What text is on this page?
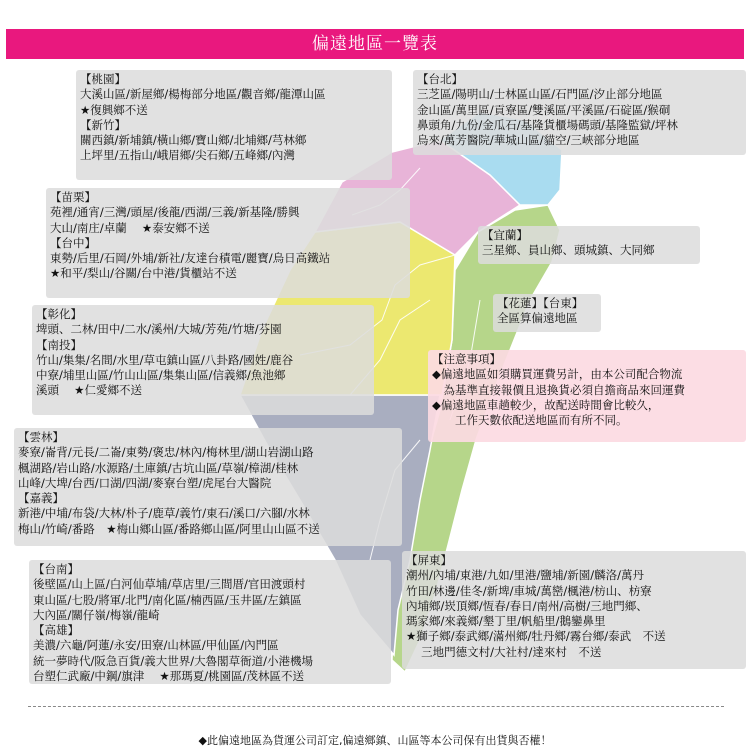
偏遠地區一覽表
【桃園】
大溪山區/新屋鄉/楊梅部分地區/觀音鄉/龍潭山區
★復興鄉不送
【新竹】
關西鎮/新埔鎮/橫山鄉/寶山鄉/北埔鄉/芎林鄉
上坪里/五指山/峨眉鄉/尖石鄉/五峰鄉/內灣
【台北】
三芝區/陽明山/士林區山區/石門區/汐止部分地區
金山區/萬里區/貢寮區/雙溪區/平溪區/石碇區/猴硐
鼻頭角/九份/金瓜石/基隆貨櫃場碼頭/基隆監獄/坪林
烏來/萬芳醫院/華城山區/貓空/三峽部分地區
【苗栗】
苑裡/通宵/三灣/頭屋/後龍/西湖/三義/新基隆/勝興
大山/南庄/卓蘭　 ★泰安鄉不送
【台中】
東勢/后里/石岡/外埔/新社/友達台積電/麗寶/烏日高鐵站
★和平/梨山/谷關/台中港/貨櫃站不送
【宜蘭】
三星鄉、員山鄉、頭城鎮、大同鄉
【花蓮】【台東】
全區算偏遠地區
【彰化】
埤頭、二林/田中/二水/溪州/大城/芳苑/竹塘/芬園
【南投】
竹山/集集/名間/水里/草屯鎮山區/八卦路/國姓/鹿谷
中寮/埔里山區/竹山山區/集集山區/信義鄉/魚池鄉
溪頭　 ★仁愛鄉不送
【注意事項】
◆偏遠地區如須購買運費另計，由本公司配合物流
　為基準直接報價且退換貨必須自擔商品來回運費
◆偏遠地區車趟較少，故配送時間會比較久，
　　工作天數依配送地區而有所不同。
【雲林】
麥寮/崙背/元長/二崙/東勢/褒忠/林內/梅林里/湖山岩湖山路
楓湖路/岩山路/水源路/土庫鎮/古坑山區/草嶺/樟湖/桂林
山峰/大埤/台西/口湖/四湖/麥寮台塑/虎尾台大醫院
【嘉義】
新港/中埔/布袋/大林/朴子/鹿草/義竹/東石/溪口/六腳/水林
梅山/竹崎/番路　★梅山鄉山區/番路鄉山區/阿里山山區不送
【屏東】
潮州/內埔/東港/九如/里港/鹽埔/新園/麟洛/萬丹
竹田/林邊/佳冬/新埤/車城/萬巒/楓港/枋山、枋寮
內埔鄉/崁頂鄉/恆春/春日/南州/高樹/三地門鄉、
瑪家鄉/來義鄉/墾丁里/帆船里/鵝鑾鼻里
★獅子鄉/泰武鄉/滿州鄉/牡丹鄉/霧台鄉/泰武　不送
　 三地門德文村/大社村/達來村　不送
【台南】
後壁區/山上區/白河仙草埔/草店里/三間厝/官田渡頭村
東山區/七股/將軍/北門/南化區/楠西區/玉井區/左鎮區
大內區/關仔嶺/梅嶺/龍崎
【高雄】
美濃/六龜/阿蓮/永安/田寮/山林區/甲仙區/內門區
統一夢時代/阪急百貨/義大世界/大魯閣草衙道/小港機場
台塑仁武廠/中鋼/旗津　 ★那瑪夏/桃園區/茂林區不送
◆此偏遠地區為貨運公司訂定,偏遠鄉鎮、山區等本公司保有出貨與否權！
